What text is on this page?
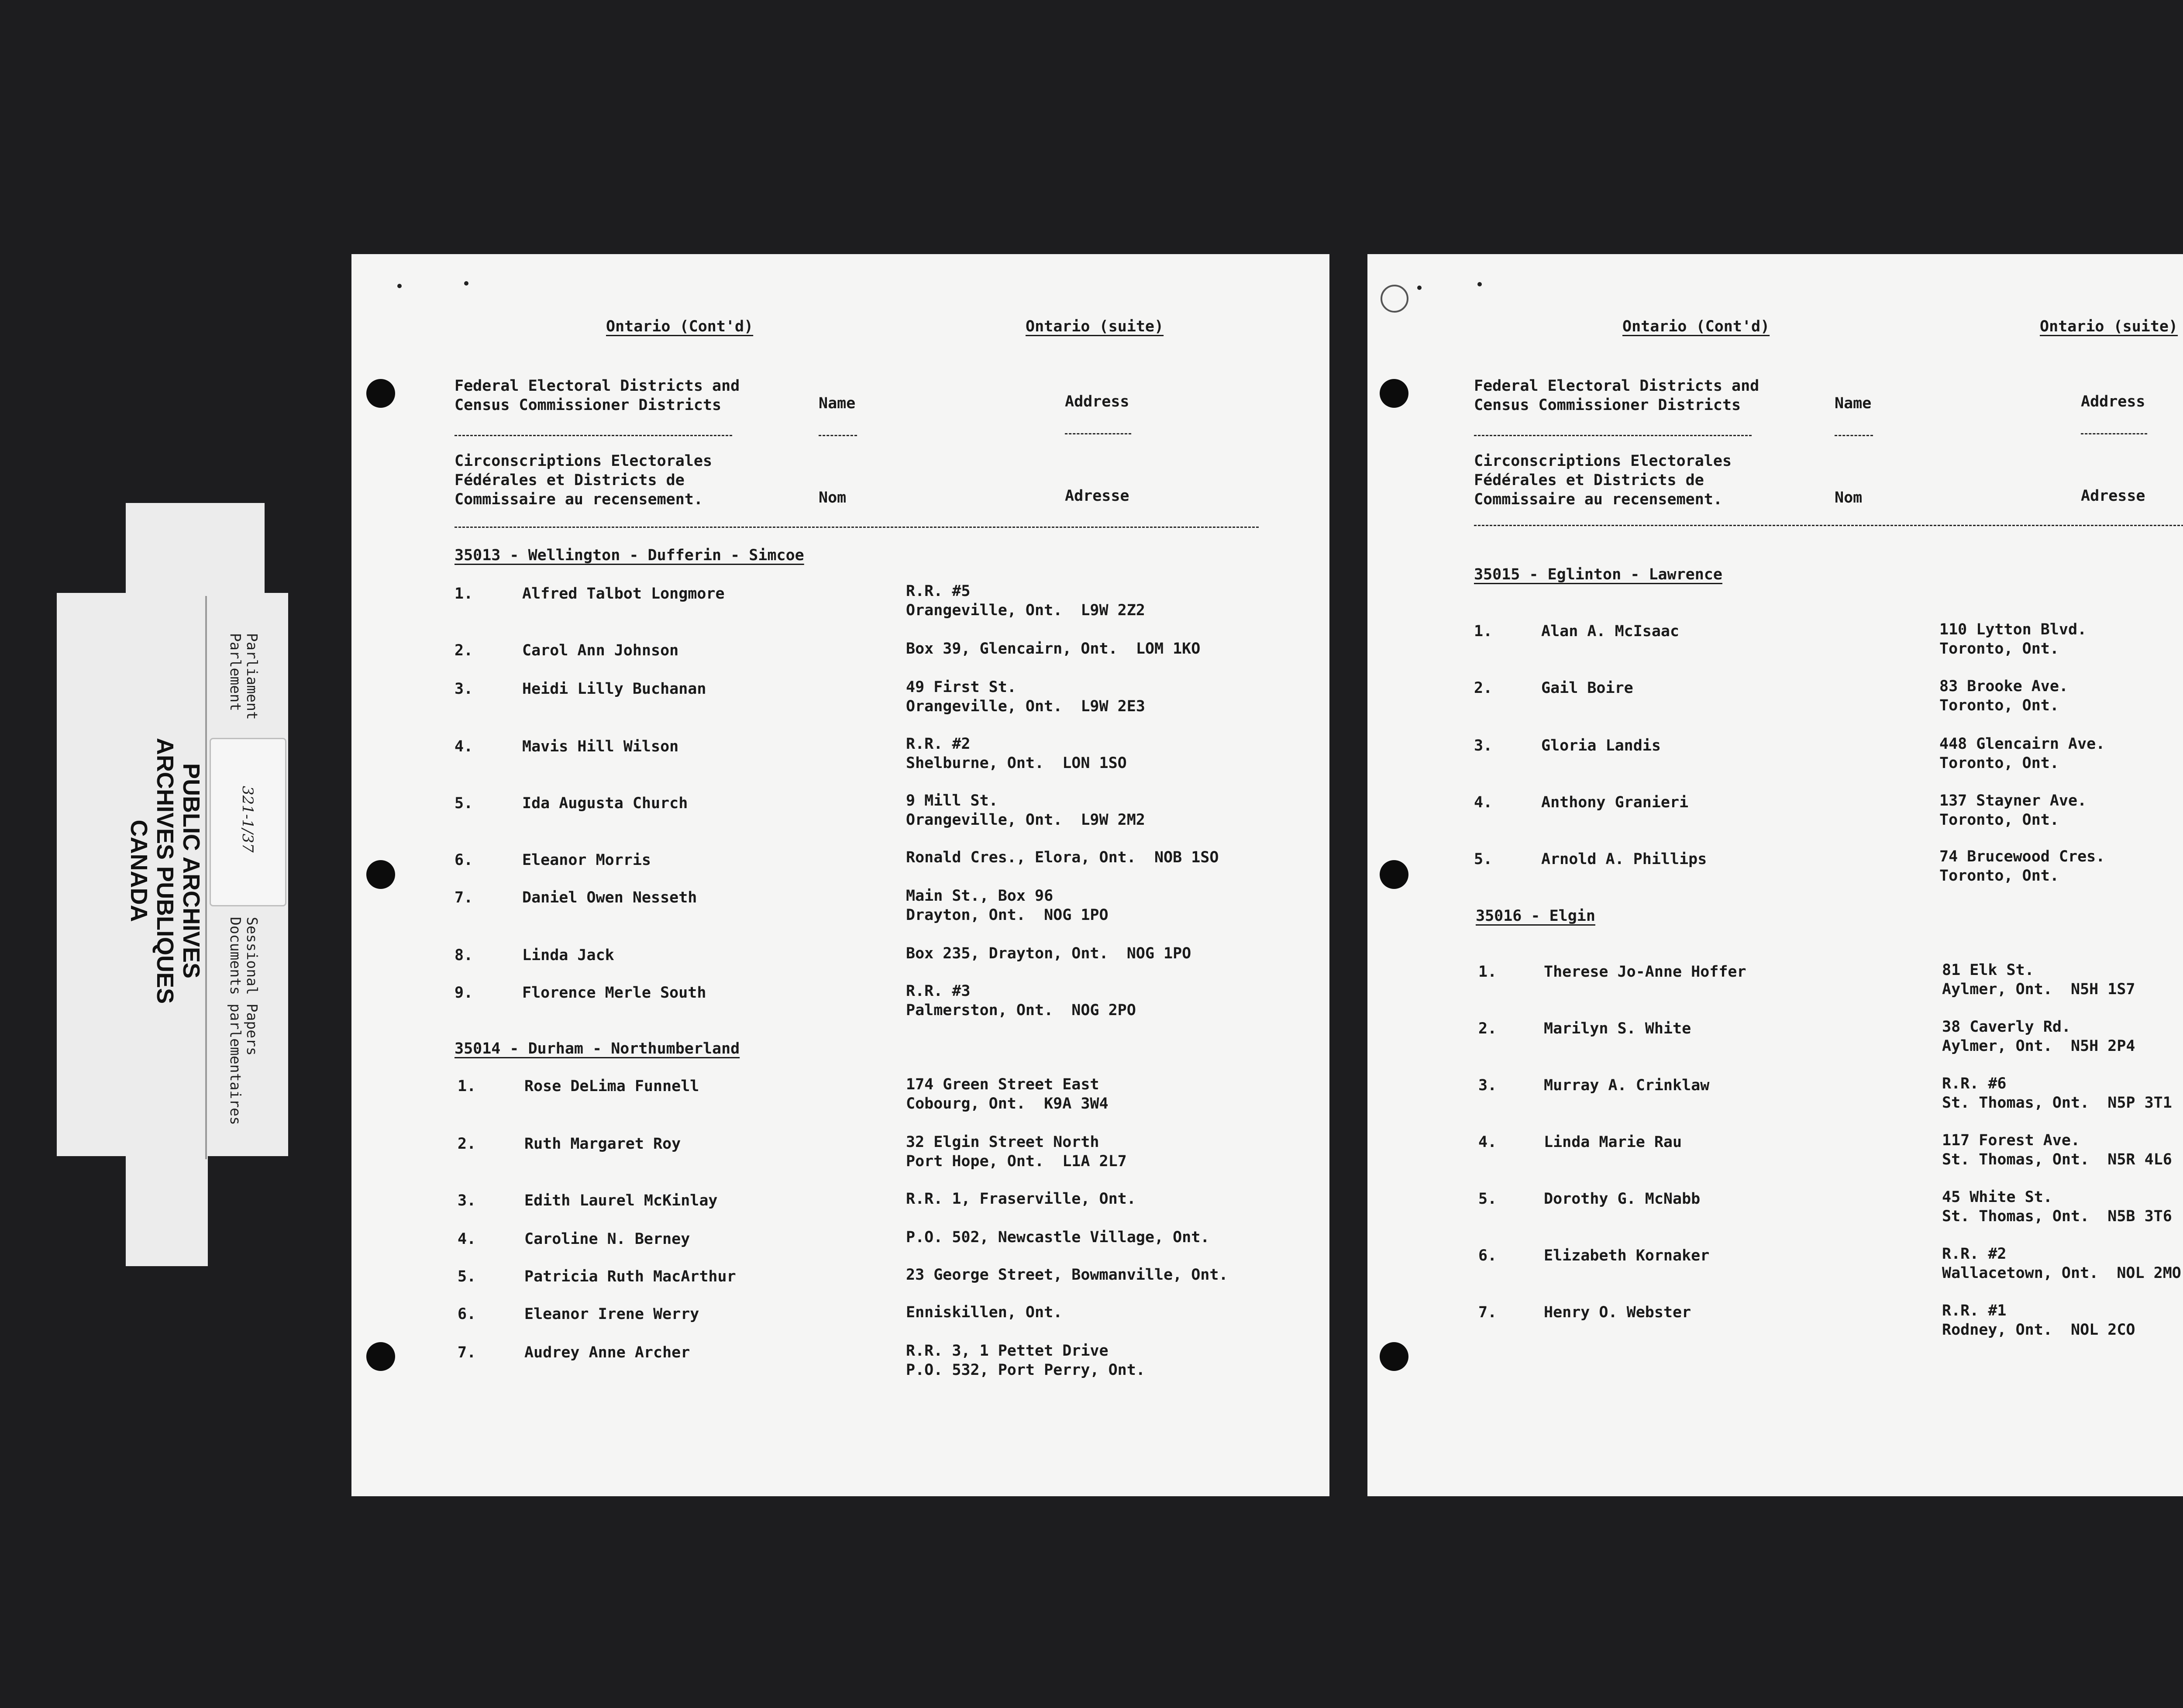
PUBLIC ARCHIVES
ARCHIVES PUBLIQUES
CANADA
Parliament
Parlement
321-1/37
Sessional Papers
Documents parlementaires
Ontario (Cont'd)	Ontario (suite)
Federal Electoral Districts and
Census Commissioner Districts	Name	Address
Circonscriptions Electorales
Fédérales et Districts de
Commissaire au recensement.	Nom	Adresse
35013 - Wellington - Dufferin - Simcoe
1.	Alfred Talbot Longmore	R.R. #5
Orangeville, Ont.  L9W 2Z2
2.	Carol Ann Johnson	Box 39, Glencairn, Ont.  LOM 1KO
3.	Heidi Lilly Buchanan	49 First St.
Orangeville, Ont.  L9W 2E3
4.	Mavis Hill Wilson	R.R. #2
Shelburne, Ont.  LON 1SO
5.	Ida Augusta Church	9 Mill St.
Orangeville, Ont.  L9W 2M2
6.	Eleanor Morris	Ronald Cres., Elora, Ont.  NOB 1SO
7.	Daniel Owen Nesseth	Main St., Box 96
Drayton, Ont.  NOG 1PO
8.	Linda Jack	Box 235, Drayton, Ont.  NOG 1PO
9.	Florence Merle South	R.R. #3
Palmerston, Ont.  NOG 2PO
35014 - Durham - Northumberland
1.	Rose DeLima Funnell	174 Green Street East
Cobourg, Ont.  K9A 3W4
2.	Ruth Margaret Roy	32 Elgin Street North
Port Hope, Ont.  L1A 2L7
3.	Edith Laurel McKinlay	R.R. 1, Fraserville, Ont.
4.	Caroline N. Berney	P.O. 502, Newcastle Village, Ont.
5.	Patricia Ruth MacArthur	23 George Street, Bowmanville, Ont.
6.	Eleanor Irene Werry	Enniskillen, Ont.
7.	Audrey Anne Archer	R.R. 3, 1 Pettet Drive
P.O. 532, Port Perry, Ont.
Ontario (Cont'd)	Ontario (suite)
Federal Electoral Districts and
Census Commissioner Districts	Name	Address
Circonscriptions Electorales
Fédérales et Districts de
Commissaire au recensement.	Nom	Adresse
35015 - Eglinton - Lawrence
1.	Alan A. McIsaac	110 Lytton Blvd.
Toronto, Ont.
2.	Gail Boire	83 Brooke Ave.
Toronto, Ont.
3.	Gloria Landis	448 Glencairn Ave.
Toronto, Ont.
4.	Anthony Granieri	137 Stayner Ave.
Toronto, Ont.
5.	Arnold A. Phillips	74 Brucewood Cres.
Toronto, Ont.
35016 - Elgin
1.	Therese Jo-Anne Hoffer	81 Elk St.
Aylmer, Ont.  N5H 1S7
2.	Marilyn S. White	38 Caverly Rd.
Aylmer, Ont.  N5H 2P4
3.	Murray A. Crinklaw	R.R. #6
St. Thomas, Ont.  N5P 3T1
4.	Linda Marie Rau	117 Forest Ave.
St. Thomas, Ont.  N5R 4L6
5.	Dorothy G. McNabb	45 White St.
St. Thomas, Ont.  N5B 3T6
6.	Elizabeth Kornaker	R.R. #2
Wallacetown, Ont.  NOL 2MO
7.	Henry O. Webster	R.R. #1
Rodney, Ont.  NOL 2CO
